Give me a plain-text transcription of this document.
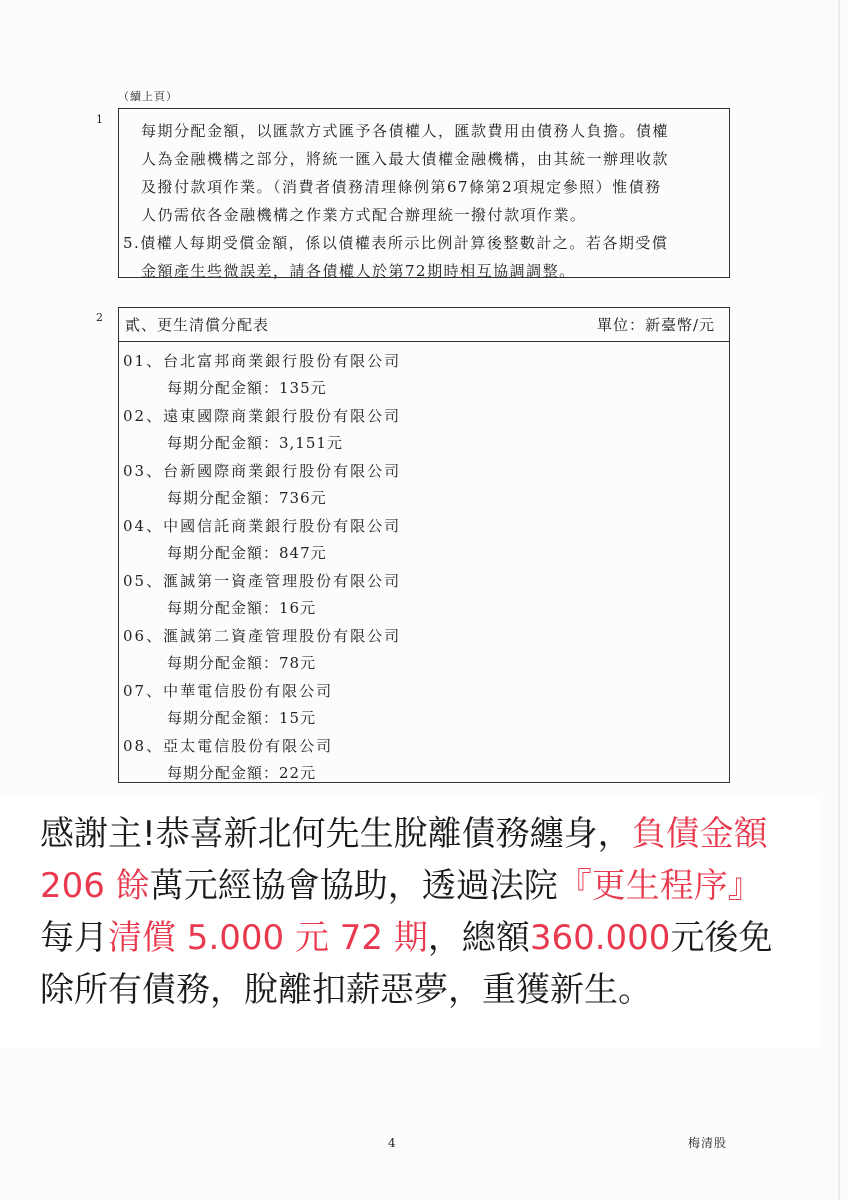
（續上頁）
1
2

每期分配金額，以匯款方式匯予各債權人，匯款費用由債務人負擔。債權

人為金融機構之部分，將統一匯入最大債權金融機構，由其統一辦理收款

及撥付款項作業。（消費者債務清理條例第67條第2項規定參照）惟債務

人仍需依各金融機構之作業方式配合辦理統一撥付款項作業。

5.債權人每期受償金額，係以債權表所示比例計算後整數計之。若各期受償

金額產生些微誤差，請各債權人於第72期時相互協調調整。

貳、更生清償分配表	單位：新臺幣/元

01、台北富邦商業銀行股份有限公司

每期分配金額：135元

02、遠東國際商業銀行股份有限公司

每期分配金額：3,151元

03、台新國際商業銀行股份有限公司

每期分配金額：736元

04、中國信託商業銀行股份有限公司

每期分配金額：847元

05、滙誠第一資產管理股份有限公司

每期分配金額：16元

06、滙誠第二資產管理股份有限公司

每期分配金額：78元

07、中華電信股份有限公司

每期分配金額：15元

08、亞太電信股份有限公司

每期分配金額：22元

感謝主!恭喜新北何先生脫離債務纏身，負債金額 206 餘萬元經協會協助，透過法院『更生程序』每月清償 5.000 元 72 期，總額360.000元後免除所有債務，脫離扣薪惡夢，重獲新生。

4	梅清股
